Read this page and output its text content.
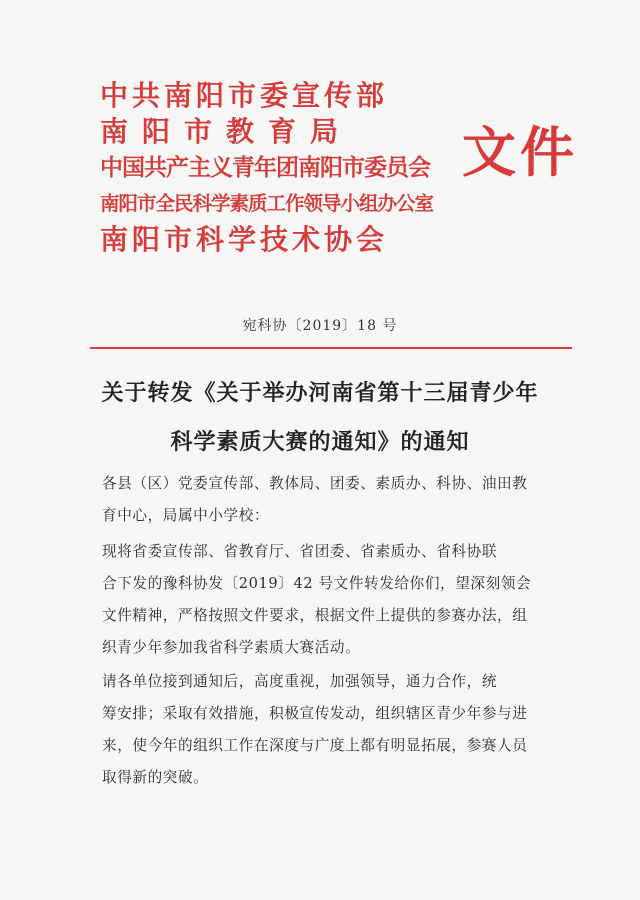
中共南阳市委宣传部
南阳市教育局
中国共产主义青年团南阳市委员会
南阳市全民科学素质工作领导小组办公室
南阳市科学技术协会
文件
宛科协〔2019〕18 号
关于转发《关于举办河南省第十三届青少年
科学素质大赛的通知》的通知
各县（区）党委宣传部、教体局、团委、素质办、科协、油田教
育中心，局属中小学校：
现将省委宣传部、省教育厅、省团委、省素质办、省科协联
合下发的豫科协发〔2019〕42 号文件转发给你们，望深刻领会
文件精神，严格按照文件要求，根据文件上提供的参赛办法，组
织青少年参加我省科学素质大赛活动。
请各单位接到通知后，高度重视，加强领导，通力合作，统
筹安排；采取有效措施，积极宣传发动，组织辖区青少年参与进
来，使今年的组织工作在深度与广度上都有明显拓展，参赛人员
取得新的突破。
